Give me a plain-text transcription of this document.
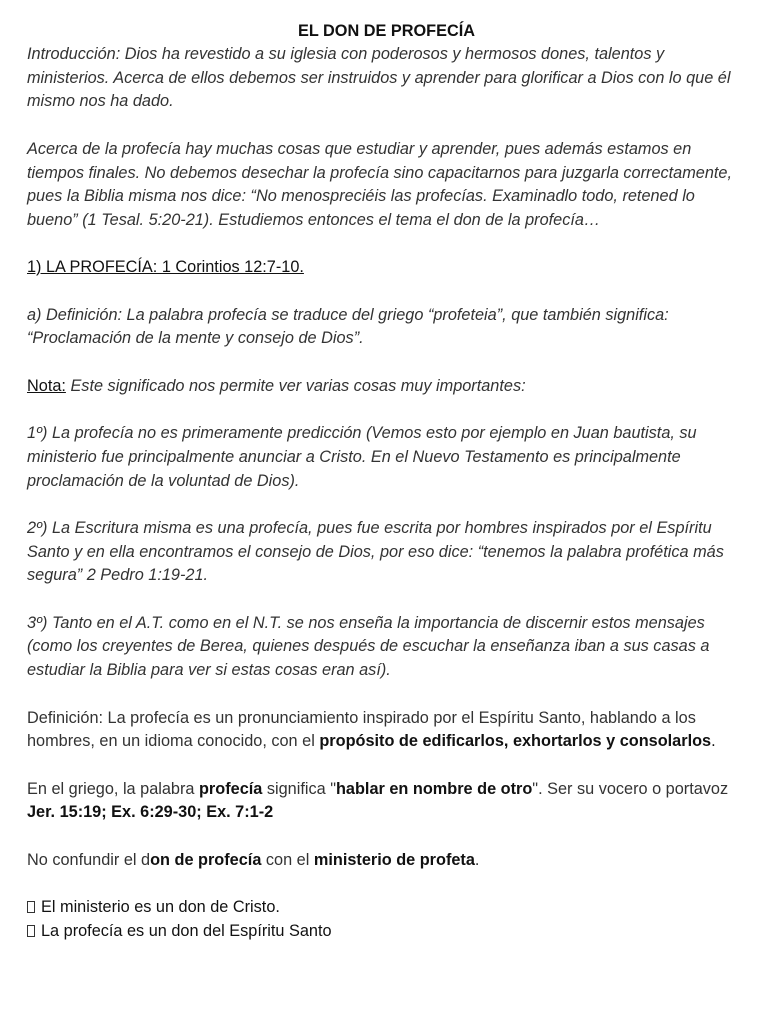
EL DON DE PROFECÍA

Introducción: Dios ha revestido a su iglesia con poderosos y hermosos dones, talentos y ministerios. Acerca de ellos debemos ser instruidos y aprender para glorificar a Dios con lo que él mismo nos ha dado.

Acerca de la profecía hay muchas cosas que estudiar y aprender, pues además estamos en tiempos finales. No debemos desechar la profecía sino capacitarnos para juzgarla correctamente, pues la Biblia misma nos dice: “No menospreciéis las profecías. Examinadlo todo, retened lo bueno” (1 Tesal. 5:20-21). Estudiemos entonces el tema el don de la profecía…

1) LA PROFECÍA: 1 Corintios 12:7-10.

a) Definición: La palabra profecía se traduce del griego “profeteia”, que también significa: “Proclamación de la mente y consejo de Dios”.

Nota: Este significado nos permite ver varias cosas muy importantes:

1º) La profecía no es primeramente predicción (Vemos esto por ejemplo en Juan bautista, su ministerio fue principalmente anunciar a Cristo. En el Nuevo Testamento es principalmente proclamación de la voluntad de Dios).

2º) La Escritura misma es una profecía, pues fue escrita por hombres inspirados por el Espíritu Santo y en ella encontramos el consejo de Dios, por eso dice: “tenemos la palabra profética más segura” 2 Pedro 1:19-21.

3º) Tanto en el A.T. como en el N.T. se nos enseña la importancia de discernir estos mensajes (como los creyentes de Berea, quienes después de escuchar la enseñanza iban a sus casas a estudiar la Biblia para ver si estas cosas eran así).

Definición: La profecía es un pronunciamiento inspirado por el Espíritu Santo, hablando a los hombres, en un idioma conocido, con el propósito de edificarlos, exhortarlos y consolarlos.

En el griego, la palabra profecía significa "hablar en nombre de otro". Ser su vocero o portavoz Jer. 15:19; Ex. 6:29-30; Ex. 7:1-2

No confundir el don de profecía con el ministerio de profeta.

El ministerio es un don de Cristo.

La profecía es un don del Espíritu Santo
